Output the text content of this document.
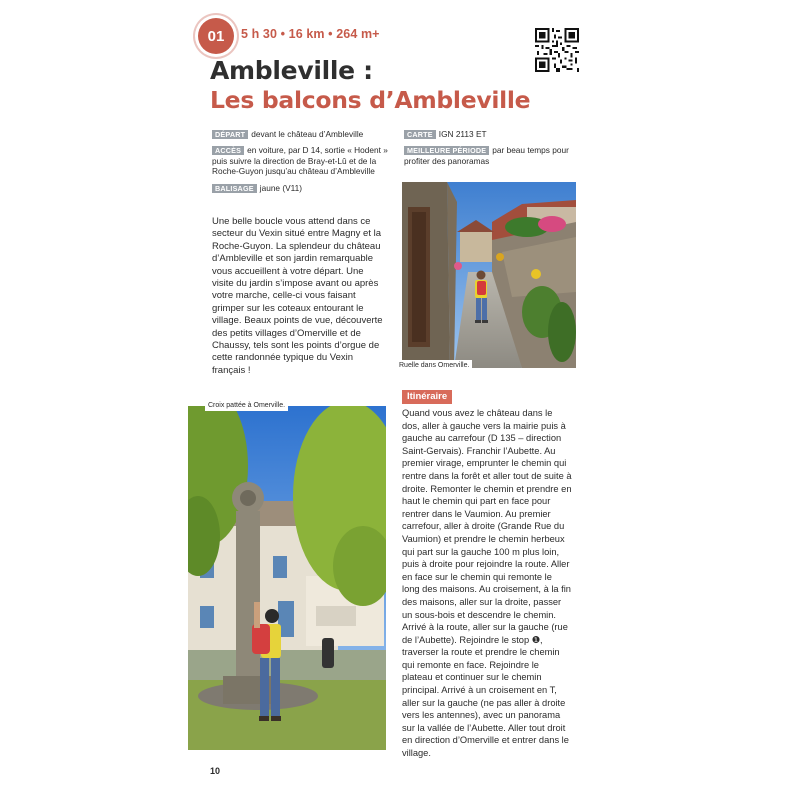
01	5 h 30 • 16 km • 264 m+
Ambleville :
Les balcons d’Ambleville
DÉPART devant le château d’Ambleville
ACCÈS en voiture, par D 14, sortie « Hodent » puis suivre la direction de Bray-et-Lû et de la Roche-Guyon jusqu’au château d’Ambleville
BALISAGE jaune (V11)
CARTE IGN 2113 ET
MEILLEURE PÉRIODE par beau temps pour profiter des panoramas
Une belle boucle vous attend dans ce secteur du Vexin situé entre Magny et la Roche-Guyon. La splendeur du château d’Ambleville et son jardin remarquable vous accueillent à votre départ. Une visite du jardin s’impose avant ou après votre marche, celle-ci vous faisant grimper sur les coteaux entourant le village. Beaux points de vue, découverte des petits villages d’Omerville et de Chaussy, tels sont les points d’orgue de cette randonnée typique du Vexin français !	Ruelle dans Omerville.
Croix pattée à Omerville.
Itinéraire
Quand vous avez le château dans le dos, aller à gauche vers la mairie puis à gauche au carrefour (D 135 – direction Saint-Gervais). Franchir l’Aubette. Au premier virage, emprunter le chemin qui rentre dans la forêt et aller tout de suite à droite. Remonter le chemin et prendre en haut le chemin qui part en face pour rentrer dans le Vaumion. Au premier carrefour, aller à droite (Grande Rue du Vaumion) et prendre le chemin herbeux qui part sur la gauche 100 m plus loin, puis à droite pour rejoindre la route. Aller en face sur le chemin qui remonte le long des maisons. Au croisement, à la fin des maisons, aller sur la droite, passer un sous-bois et descendre le chemin. Arrivé à la route, aller sur la gauche (rue de l’Aubette). Rejoindre le stop ❶, traverser la route et prendre le chemin qui remonte en face. Rejoindre le plateau et continuer sur le chemin principal. Arrivé à un croisement en T, aller sur la gauche (ne pas aller à droite vers les antennes), avec un panorama sur la vallée de l’Aubette. Aller tout droit en direction d’Omerville et entrer dans le village.
10
